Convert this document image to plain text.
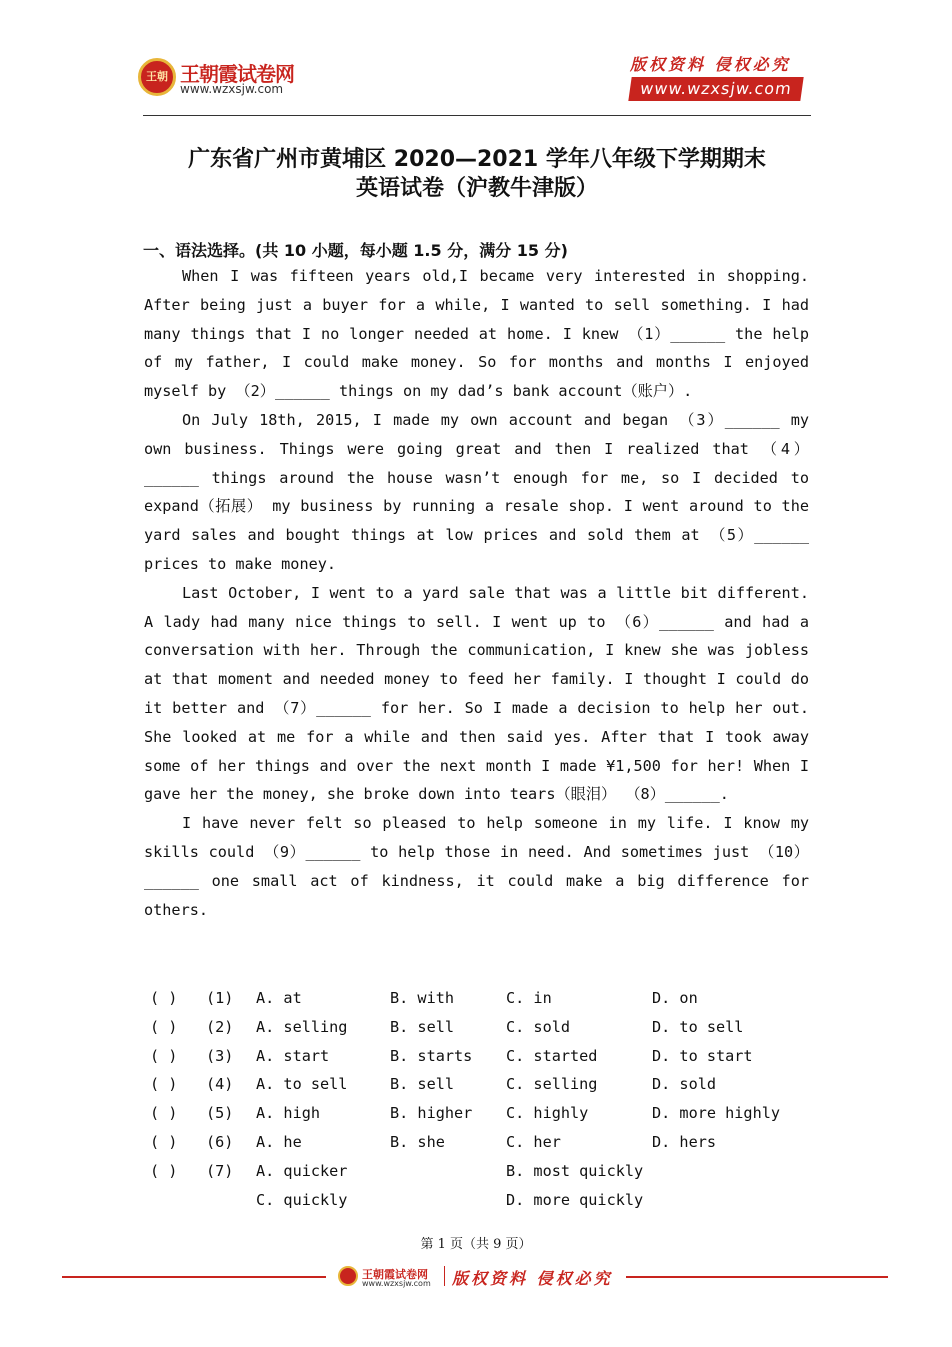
王朝 王朝霞试卷网
www.wzxsjw.com
版权资料 侵权必究
www.wzxsjw.com
广东省广州市黄埔区 2020—2021 学年八年级下学期期末
英语试卷（沪教牛津版）
一、语法选择。(共 10 小题，每小题 1.5 分，满分 15 分)

When I was fifteen years old,I became very interested in shopping. After being just a buyer for a while, I wanted to sell something. I had many things that I no longer needed at home. I knew （1）______ the help of my father, I could make money. So for months and months I enjoyed myself by （2）______ things on my dad’s bank account（账户）.

On July 18th, 2015, I made my own account and began （3）______ my own business. Things were going great and then I realized that （4）______ things around the house wasn’t enough for me, so I decided to expand（拓展） my business by running a resale shop. I went around to the yard sales and bought things at low prices and sold them at （5）______ prices to make money.

Last October, I went to a yard sale that was a little bit different. A lady had many nice things to sell. I went up to （6）______ and had a conversation with her. Through the communication, I knew she was jobless at that moment and needed money to feed her family. I thought I could do it better and （7）______ for her. So I made a decision to help her out. She looked at me for a while and then said yes. After that I took away some of her things and over the next month I made ¥1,500 for her! When I gave her the money, she broke down into tears（眼泪） （8）______.

I have never felt so pleased to help someone in my life. I know my skills could （9）______ to help those in need. And sometimes just （10）______ one small act of kindness, it could make a big difference for others.

( ) (1) A. at	B. with	C. in	D. on
( ) (2) A. selling	B. sell	C. sold	D. to sell
( ) (3) A. start	B. starts C. started	D. to start
( ) (4) A. to sell	B. sell	C. selling	D. sold
( ) (5) A. high	B. higher C. highly	D. more highly
( ) (6) A. he	B. she	C. her	D. hers
( ) (7) A. quicker	B. most quickly
C. quickly	D. more quickly
第 1 页（共 9 页）
王朝霞试卷网
www.wzxsjw.com 版权资料 侵权必究
